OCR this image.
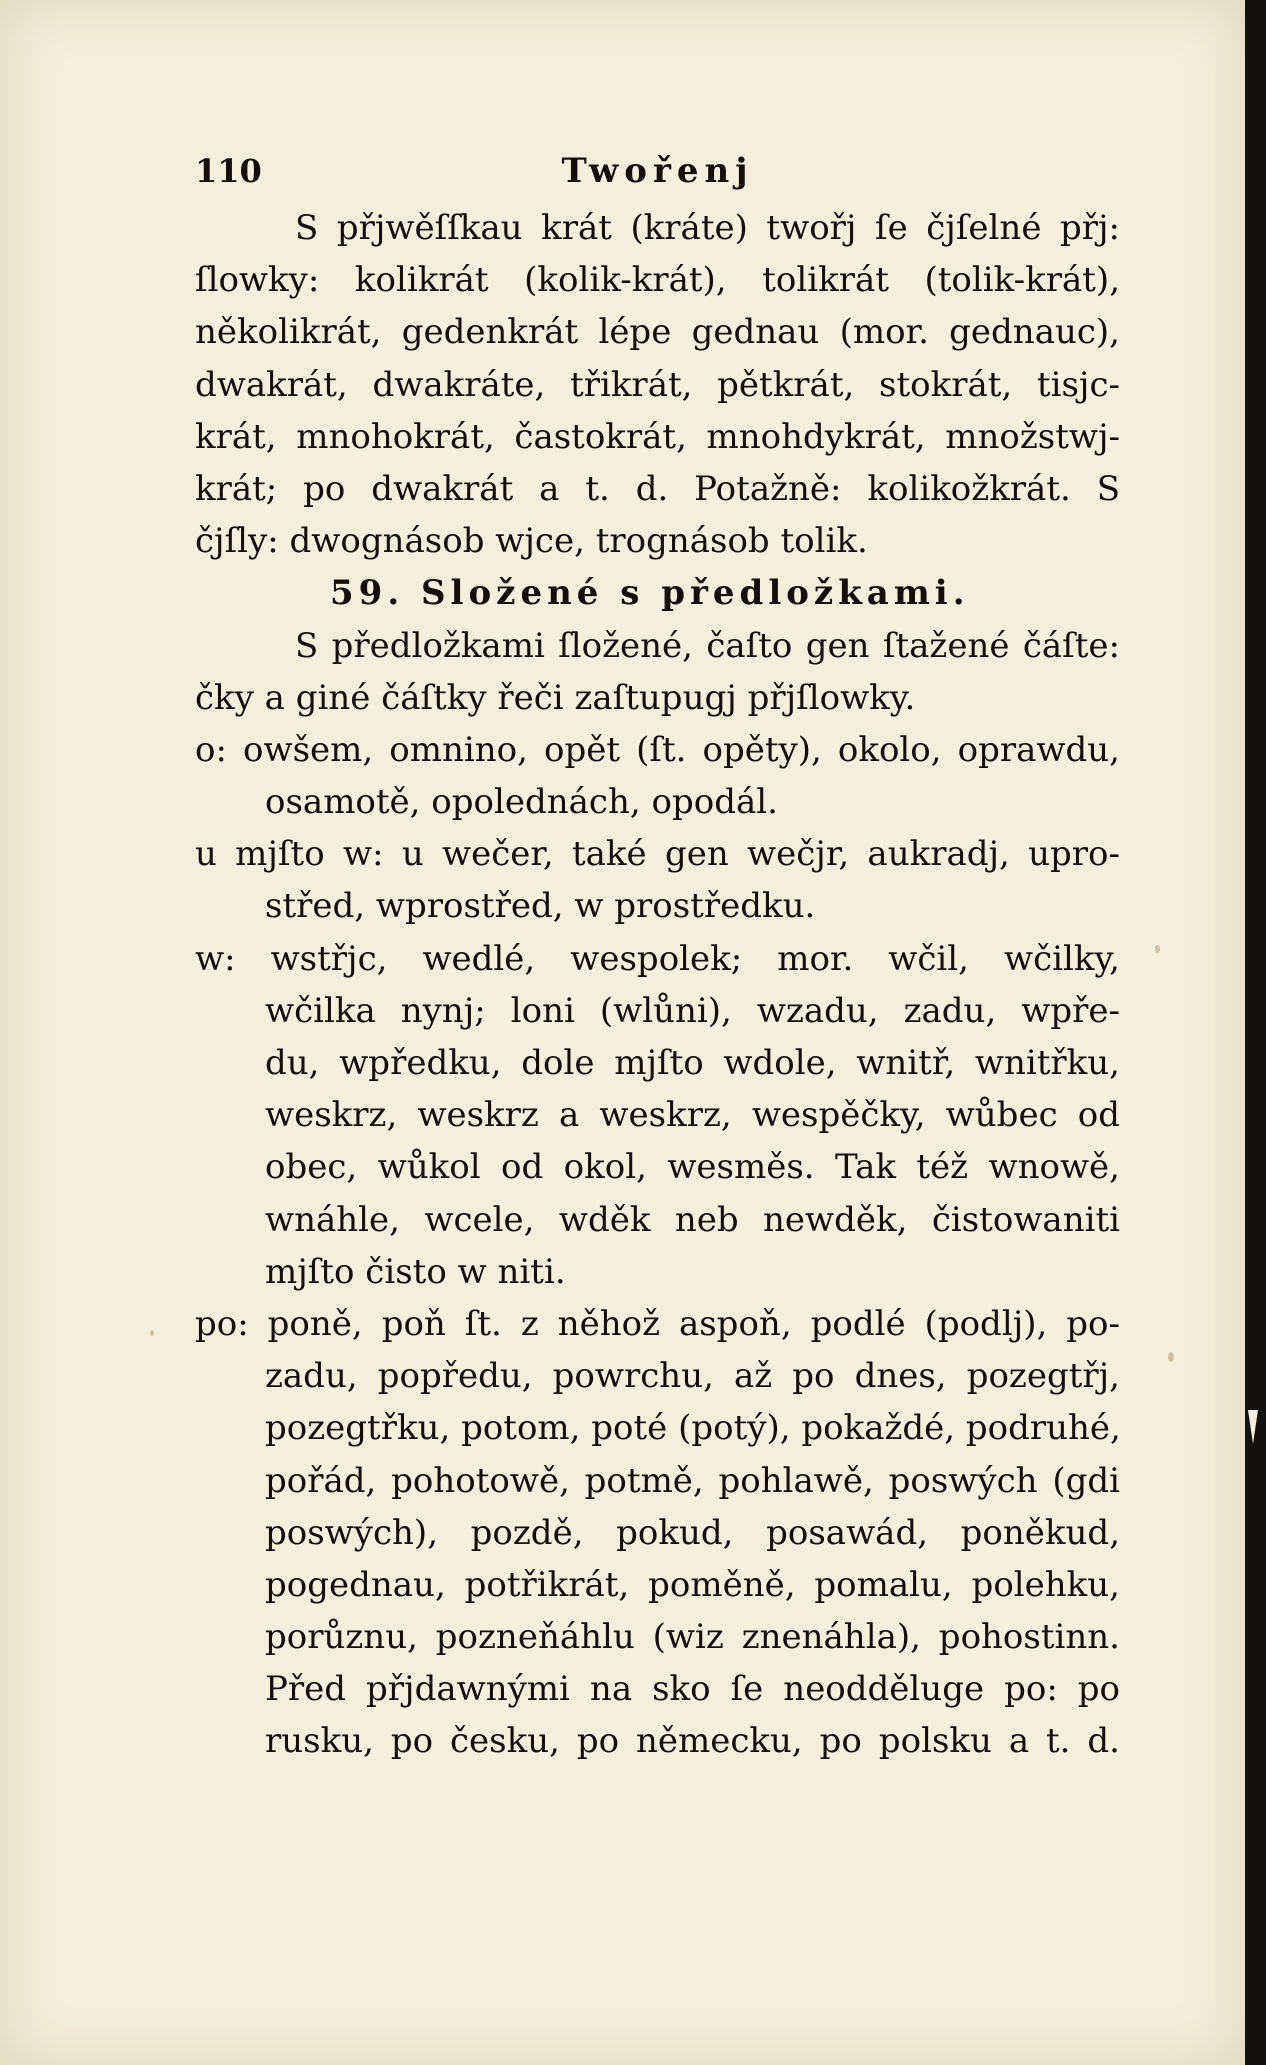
110	Twořenj
S přjwěſſkau krát (kráte) twořj ſe čjſelné přj:
ſlowky: kolikrát (kolik-krát), tolikrát (tolik-krát),
několikrát, gedenkrát lépe gednau (mor. gednauc),
dwakrát, dwakráte, třikrát, pětkrát, stokrát, tisjc-
krát, mnohokrát, častokrát, mnohdykrát, množstwj-
krát; po dwakrát a t. d. Potažně: kolikožkrát. S
čjſly: dwognásob wjce, trognásob tolik.
59. Složené s předložkami.
S předložkami ſložené, čaſto gen ſtažené čáſte:
čky a giné čáſtky řeči zaſtupugj přjſlowky.
o: owšem, omnino, opět (ſt. opěty), okolo, oprawdu,
osamotě, opolednách, opodál.
u mjſto w: u wečer, také gen wečjr, aukradj, upro-
střed, wprostřed, w prostředku.
w: wstřjc, wedlé, wespolek; mor. wčil, wčilky,
wčilka nynj; loni (wlůni), wzadu, zadu, wpře-
du, wpředku, dole mjſto wdole, wnitř, wnitřku,
weskrz, weskrz a weskrz, wespěčky, wůbec od
obec, wůkol od okol, wesměs. Tak též wnowě,
wnáhle, wcele, wděk neb newděk, čistowaniti
mjſto čisto w niti.
po: poně, poň ſt. z něhož aspoň, podlé (podlj), po-
zadu, popředu, powrchu, až po dnes, pozegtřj,
pozegtřku, potom, poté (potý), pokaždé, podruhé,
pořád, pohotowě, potmě, pohlawě, poswých (gdi
poswých), pozdě, pokud, posawád, poněkud,
pogednau, potřikrát, poměně, pomalu, polehku,
porůznu, pozneňáhlu (wiz znenáhla), pohostinn.
Před přjdawnými na sko ſe neodděluge po: po
rusku, po česku, po německu, po polsku a t. d.
